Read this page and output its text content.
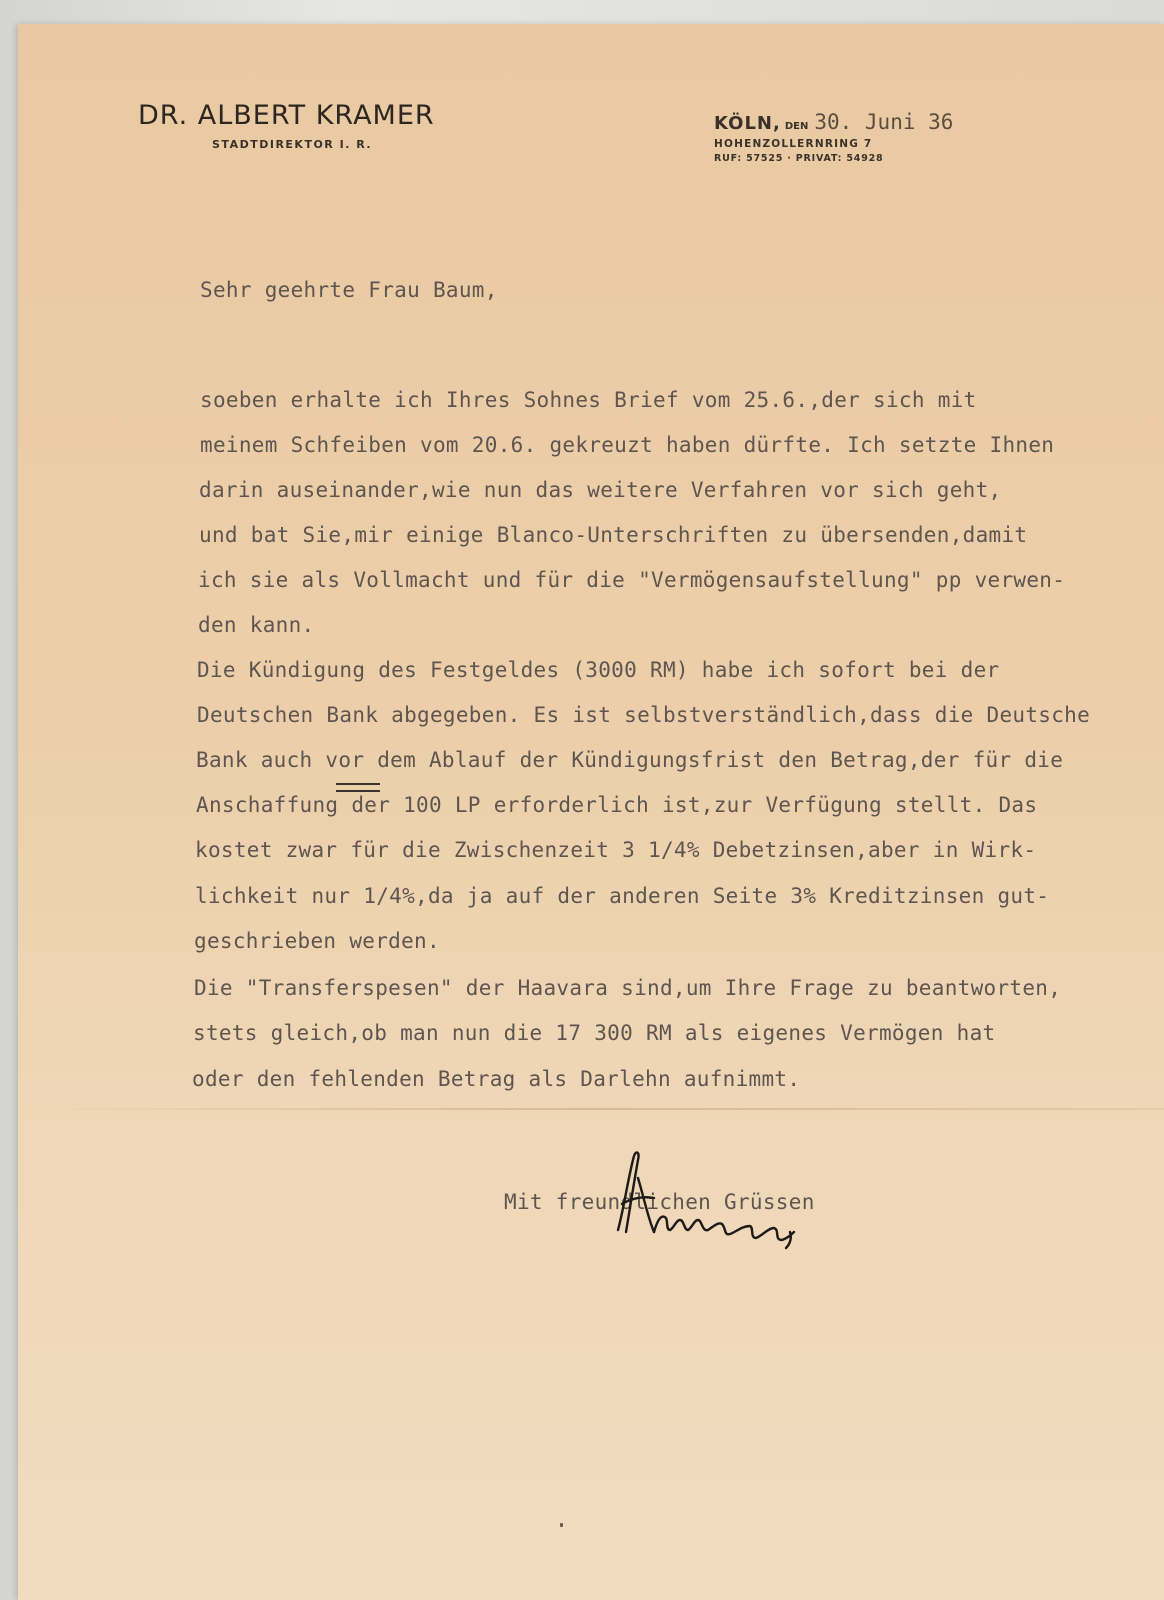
DR. ALBERT KRAMER
STADTDIREKTOR I. R.
KÖLN, DEN 30. Juni 36
HOHENZOLLERNRING 7
RUF: 57525 · PRIVAT: 54928
Sehr geehrte Frau Baum,
soeben erhalte ich Ihres Sohnes Brief vom 25.6.,der sich mit
meinem Schfeiben vom 20.6. gekreuzt haben dürfte. Ich setzte Ihnen
darin auseinander,wie nun das weitere Verfahren vor sich geht,
und bat Sie,mir einige Blanco-Unterschriften zu übersenden,damit
ich sie als Vollmacht und für die "Vermögensaufstellung" pp verwen-
den kann.
Die Kündigung des Festgeldes (3000 RM) habe ich sofort bei der
Deutschen Bank abgegeben. Es ist selbstverständlich,dass die Deutsche
Bank auch vor dem Ablauf der Kündigungsfrist den Betrag,der für die
Anschaffung der 100 LP erforderlich ist,zur Verfügung stellt. Das
kostet zwar für die Zwischenzeit 3 1/4% Debetzinsen,aber in Wirk-
lichkeit nur 1/4%,da ja auf der anderen Seite 3% Kreditzinsen gut-
geschrieben werden.
Die "Transferspesen" der Haavara sind,um Ihre Frage zu beantworten,
stets gleich,ob man nun die 17 300 RM als eigenes Vermögen hat
oder den fehlenden Betrag als Darlehn aufnimmt.
Mit freundlichen Grüssen
